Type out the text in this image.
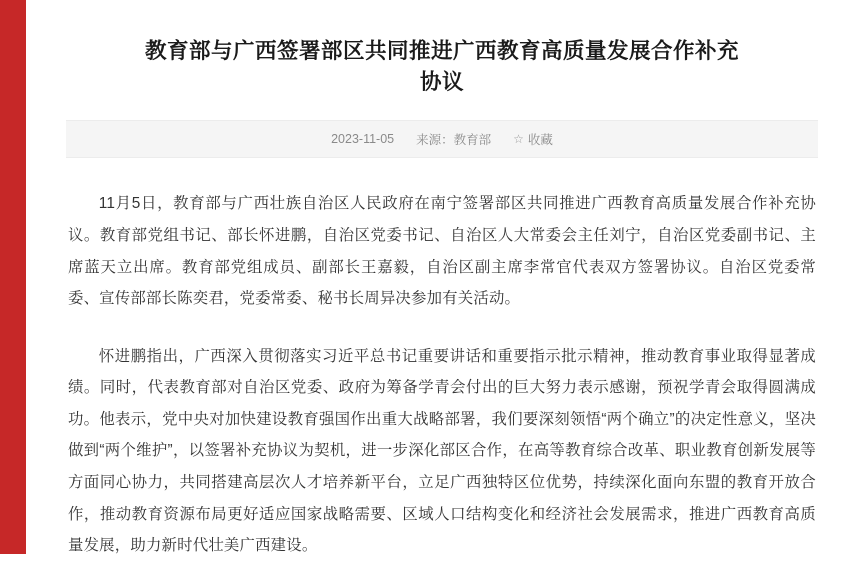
教育部与广西签署部区共同推进广西教育高质量发展合作补充协议
2023-11-05 来源：教育部 ☆ 收藏

11月5日，教育部与广西壮族自治区人民政府在南宁签署部区共同推进广西教育高质量发展合作补充协议。教育部党组书记、部长怀进鹏，自治区党委书记、自治区人大常委会主任刘宁，自治区党委副书记、主席蓝天立出席。教育部党组成员、副部长王嘉毅，自治区副主席李常官代表双方签署协议。自治区党委常委、宣传部部长陈奕君，党委常委、秘书长周异决参加有关活动。

怀进鹏指出，广西深入贯彻落实习近平总书记重要讲话和重要指示批示精神，推动教育事业取得显著成绩。同时，代表教育部对自治区党委、政府为筹备学青会付出的巨大努力表示感谢，预祝学青会取得圆满成功。他表示，党中央对加快建设教育强国作出重大战略部署，我们要深刻领悟“两个确立”的决定性意义，坚决做到“两个维护”，以签署补充协议为契机，进一步深化部区合作，在高等教育综合改革、职业教育创新发展等方面同心协力，共同搭建高层次人才培养新平台，立足广西独特区位优势，持续深化面向东盟的教育开放合作，推动教育资源布局更好适应国家战略需要、区域人口结构变化和经济社会发展需求，推进广西教育高质量发展，助力新时代壮美广西建设。
